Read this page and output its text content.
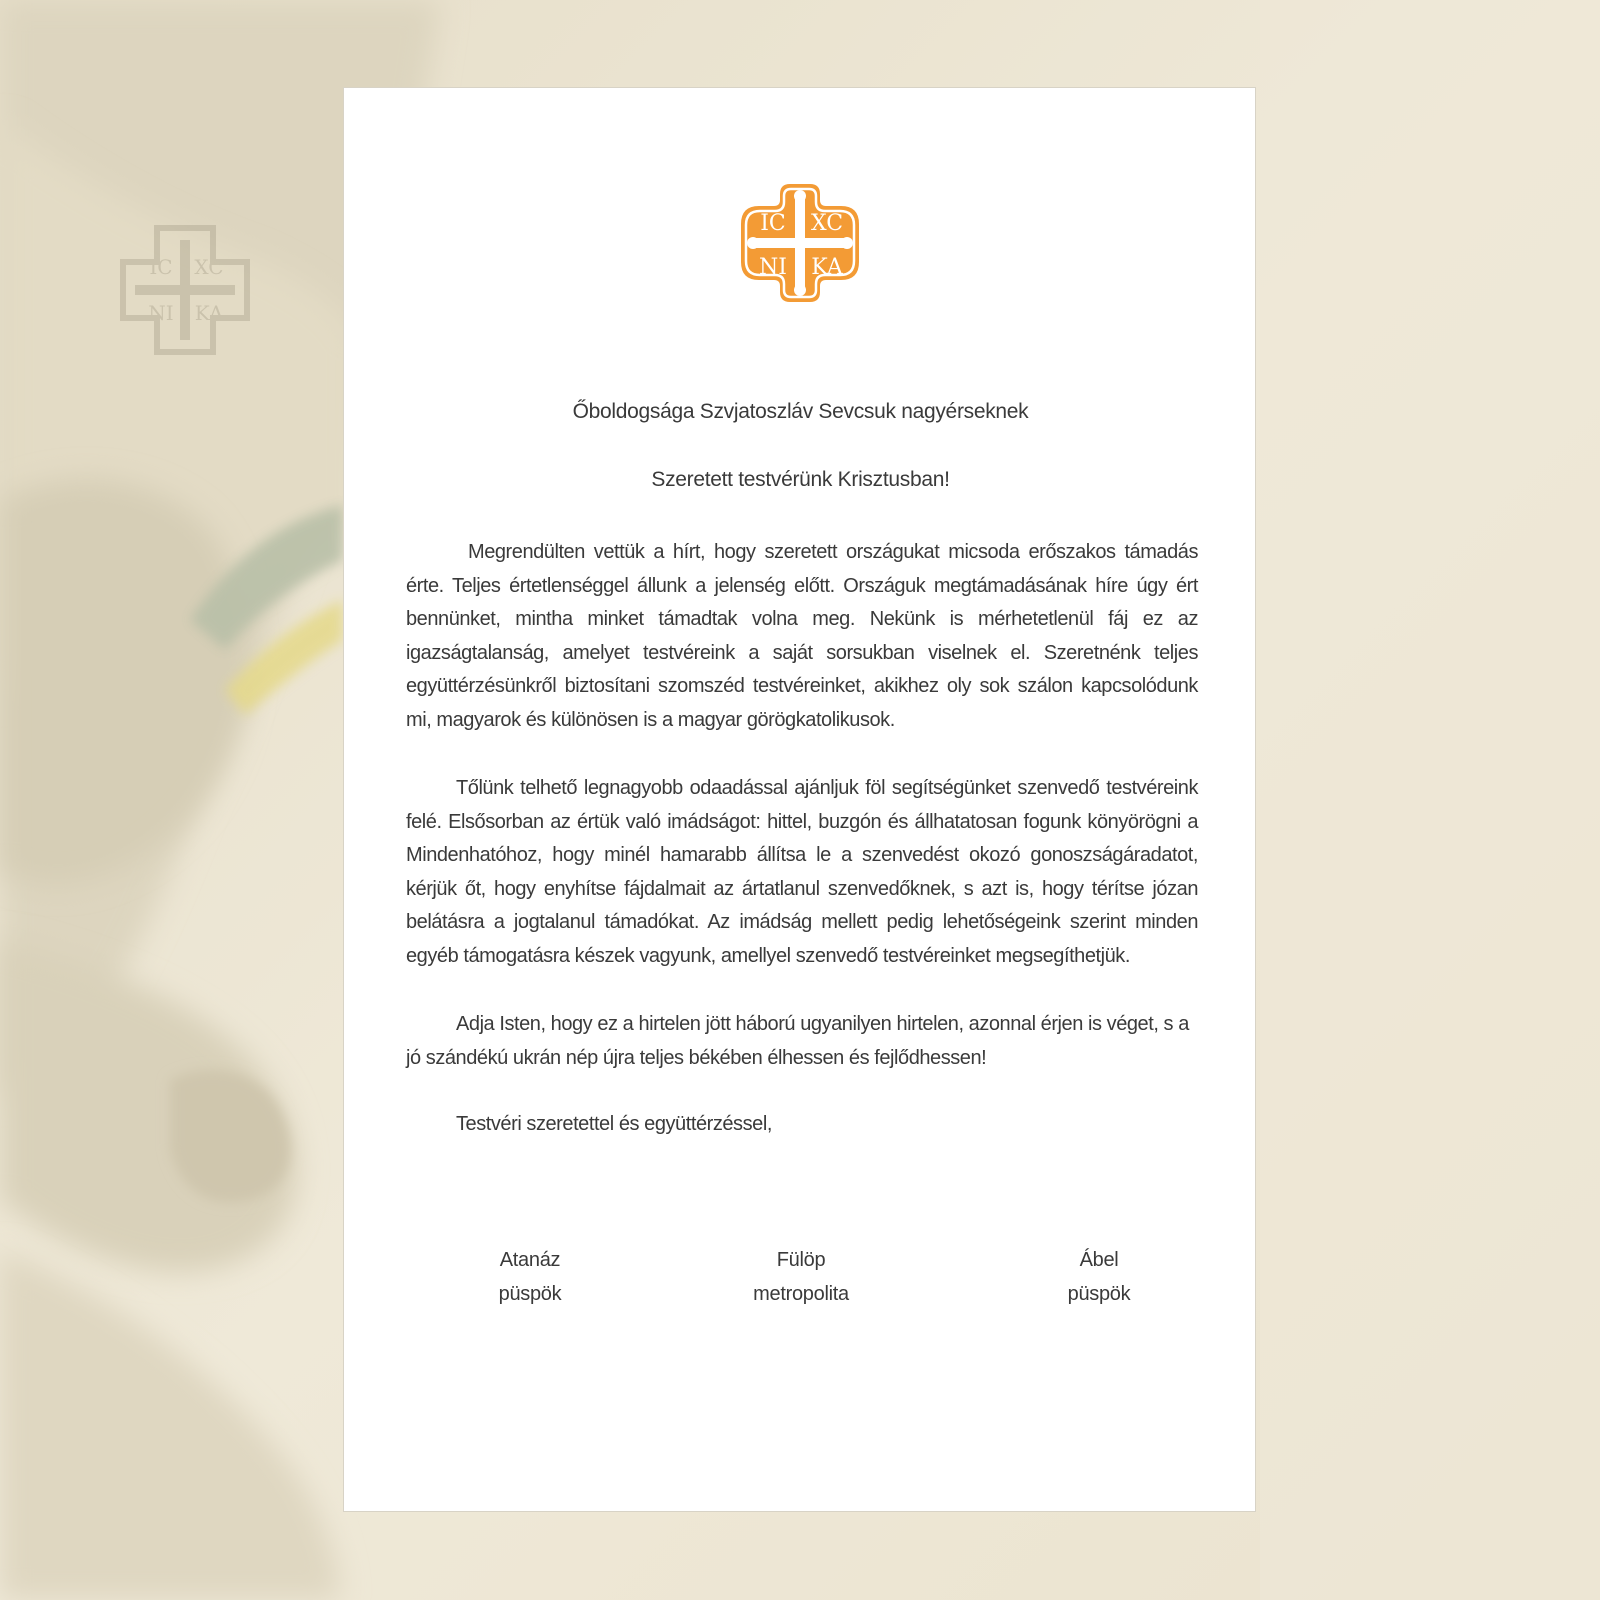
IC XC
NI KA
IC XC
NI KA
Őboldogsága Szvjatoszláv Sevcsuk nagyérseknek
Szeretett testvérünk Krisztusban!

Megrendülten vettük a hírt, hogy szeretett országukat micsoda erőszakos támadás érte. Teljes értetlenséggel állunk a jelenség előtt. Országuk megtámadásának híre úgy ért bennünket, mintha minket támadtak volna meg. Nekünk is mérhetetlenül fáj ez az igazságtalanság, amelyet testvéreink a saját sorsukban viselnek el. Szeretnénk teljes együttérzésünkről biztosítani szomszéd testvéreinket, akikhez oly sok szálon kapcsolódunk mi, magyarok és különösen is a magyar görögkatolikusok.

Tőlünk telhető legnagyobb odaadással ajánljuk föl segítségünket szenvedő testvéreink felé. Elsősorban az értük való imádságot: hittel, buzgón és állhatatosan fogunk könyörögni a Mindenhatóhoz, hogy minél hamarabb állítsa le a szenvedést okozó gonoszságáradatot, kérjük őt, hogy enyhítse fájdalmait az ártatlanul szenvedőknek, s azt is, hogy térítse józan belátásra a jogtalanul támadókat. Az imádság mellett pedig lehetőségeink szerint minden egyéb támogatásra készek vagyunk, amellyel szenvedő testvéreinket megsegíthetjük.

Adja Isten, hogy ez a hirtelen jött háború ugyanilyen hirtelen, azonnal érjen is véget, s a jó szándékú ukrán nép újra teljes békében élhessen és fejlődhessen!

Testvéri szeretettel és együttérzéssel,

Atanáz
püspök
Fülöp
metropolita
Ábel
püspök
